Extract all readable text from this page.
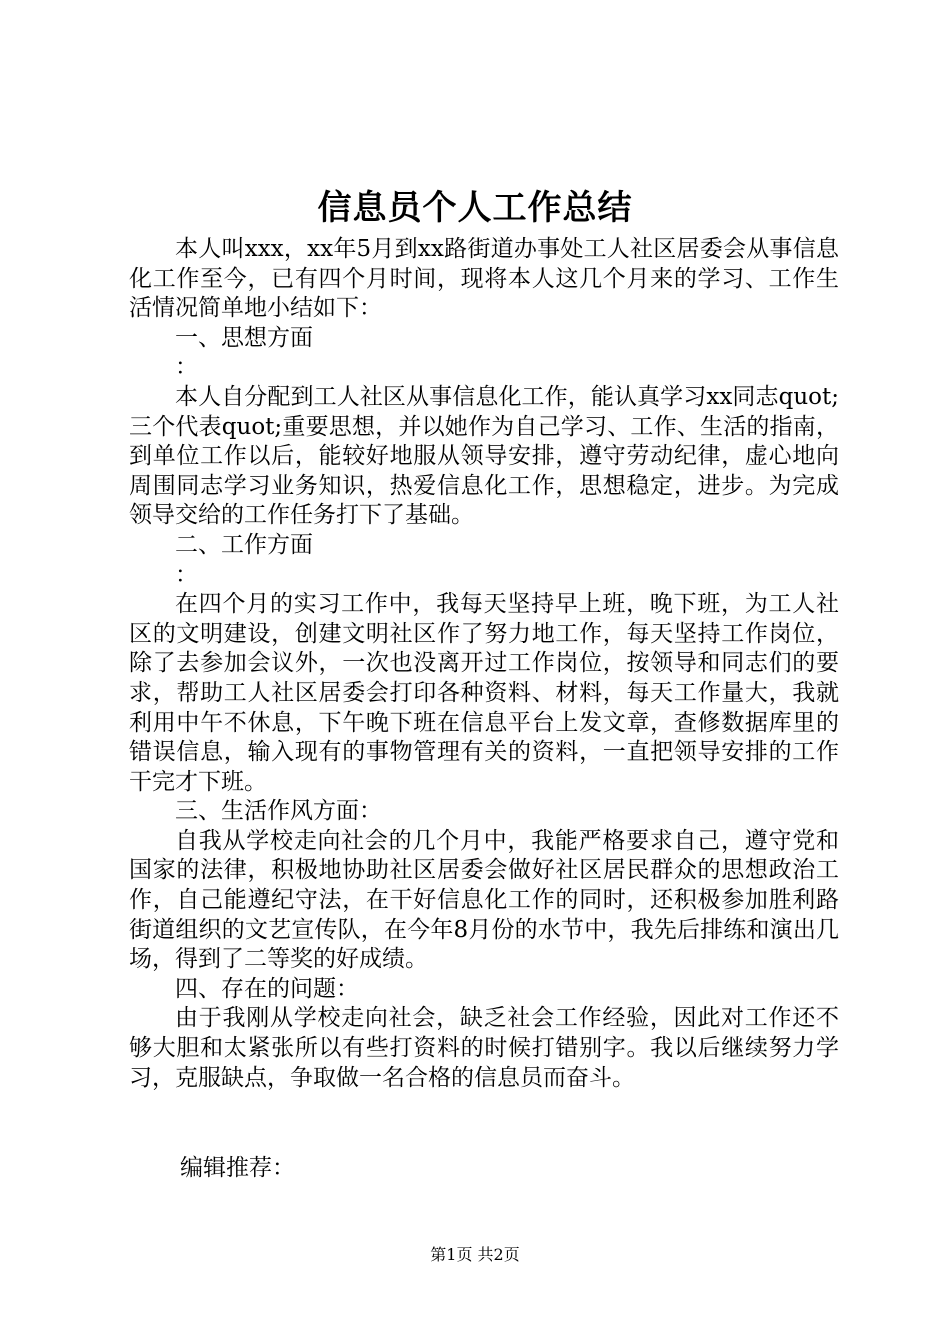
信息员个人工作总结

本人叫xxx，xx年5月到xx路街道办事处工人社区居委会从事信息化工作至今，已有四个月时间，现将本人这几个月来的学习、工作生活情况简单地小结如下：

一、思想方面

：

本人自分配到工人社区从事信息化工作，能认真学习xx同志quot;三个代表quot;重要思想，并以她作为自己学习、工作、生活的指南，到单位工作以后，能较好地服从领导安排，遵守劳动纪律，虚心地向周围同志学习业务知识，热爱信息化工作，思想稳定，进步。为完成领导交给的工作任务打下了基础。

二、工作方面

：

在四个月的实习工作中，我每天坚持早上班，晚下班，为工人社区的文明建设，创建文明社区作了努力地工作，每天坚持工作岗位，除了去参加会议外，一次也没离开过工作岗位，按领导和同志们的要求，帮助工人社区居委会打印各种资料、材料，每天工作量大，我就利用中午不休息，下午晚下班在信息平台上发文章，查修数据库里的错误信息，输入现有的事物管理有关的资料，一直把领导安排的工作干完才下班。

三、生活作风方面：

自我从学校走向社会的几个月中，我能严格要求自己，遵守党和国家的法律，积极地协助社区居委会做好社区居民群众的思想政治工作，自己能遵纪守法，在干好信息化工作的同时，还积极参加胜利路街道组织的文艺宣传队，在今年8月份的水节中，我先后排练和演出几场，得到了二等奖的好成绩。

四、存在的问题：

由于我刚从学校走向社会，缺乏社会工作经验，因此对工作还不够大胆和太紧张所以有些打资料的时候打错别字。我以后继续努力学习，克服缺点，争取做一名合格的信息员而奋斗。

编辑推荐：
第1页 共2页
